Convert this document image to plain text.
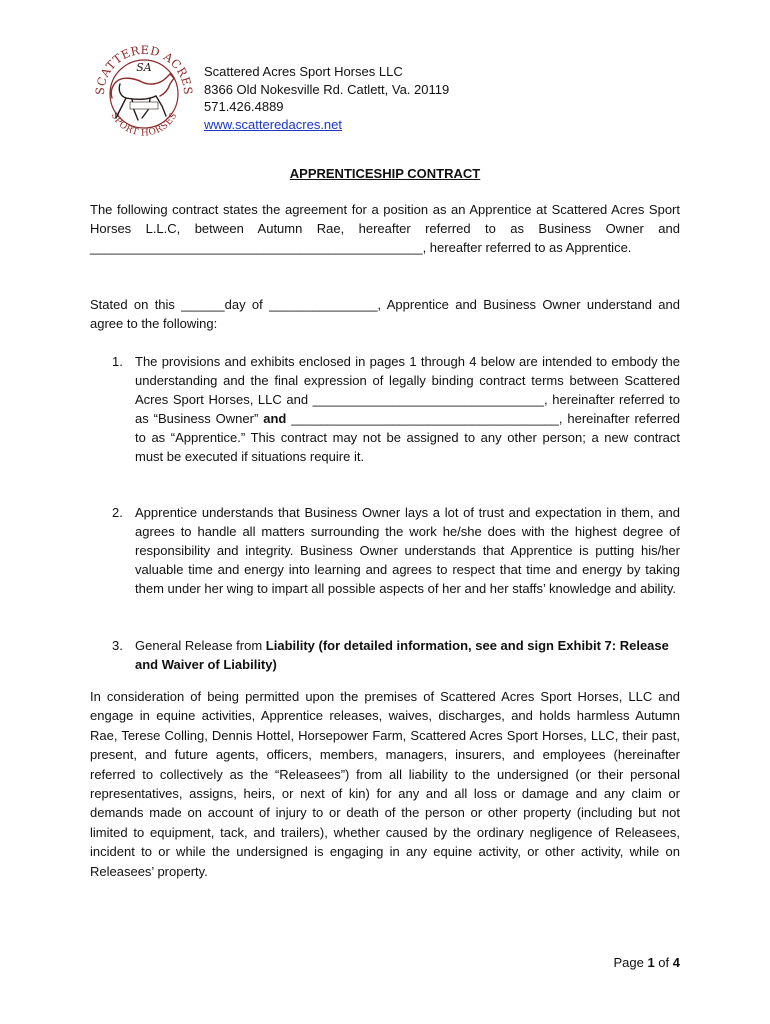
SCATTERED ACRES
SPORT HORSES
SA	Scattered Acres Sport Horses LLC
8366 Old Nokesville Rd. Catlett, Va. 20119
571.426.4889
www.scatteredacres.net
APPRENTICESHIP CONTRACT
The following contract states the agreement for a position as an Apprentice at Scattered Acres Sport Horses L.L.C, between Autumn Rae, hereafter referred to as Business Owner and ______________________________________________, hereafter referred to as Apprentice.
Stated on this ______day of _______________, Apprentice and Business Owner understand and agree to the following:
1. The provisions and exhibits enclosed in pages 1 through 4 below are intended to embody the understanding and the final expression of legally binding contract terms between Scattered Acres Sport Horses, LLC and ________________________________, hereinafter referred to as “Business Owner” and _____________________________________, hereinafter referred to as “Apprentice.” This contract may not be assigned to any other person; a new contract must be executed if situations require it.
2. Apprentice understands that Business Owner lays a lot of trust and expectation in them, and agrees to handle all matters surrounding the work he/she does with the highest degree of responsibility and integrity. Business Owner understands that Apprentice is putting his/her valuable time and energy into learning and agrees to respect that time and energy by taking them under her wing to impart all possible aspects of her and her staffs’ knowledge and ability.
3. General Release from Liability (for detailed information, see and sign Exhibit 7: Release and Waiver of Liability)
In consideration of being permitted upon the premises of Scattered Acres Sport Horses, LLC and engage in equine activities, Apprentice releases, waives, discharges, and holds harmless Autumn Rae, Terese Colling, Dennis Hottel, Horsepower Farm, Scattered Acres Sport Horses, LLC, their past, present, and future agents, officers, members, managers, insurers, and employees (hereinafter referred to collectively as the “Releasees”) from all liability to the undersigned (or their personal representatives, assigns, heirs, or next of kin) for any and all loss or damage and any claim or demands made on account of injury to or death of the person or other property (including but not limited to equipment, tack, and trailers), whether caused by the ordinary negligence of Releasees, incident to or while the undersigned is engaging in any equine activity, or other activity, while on Releasees’ property.
Page 1 of 4
